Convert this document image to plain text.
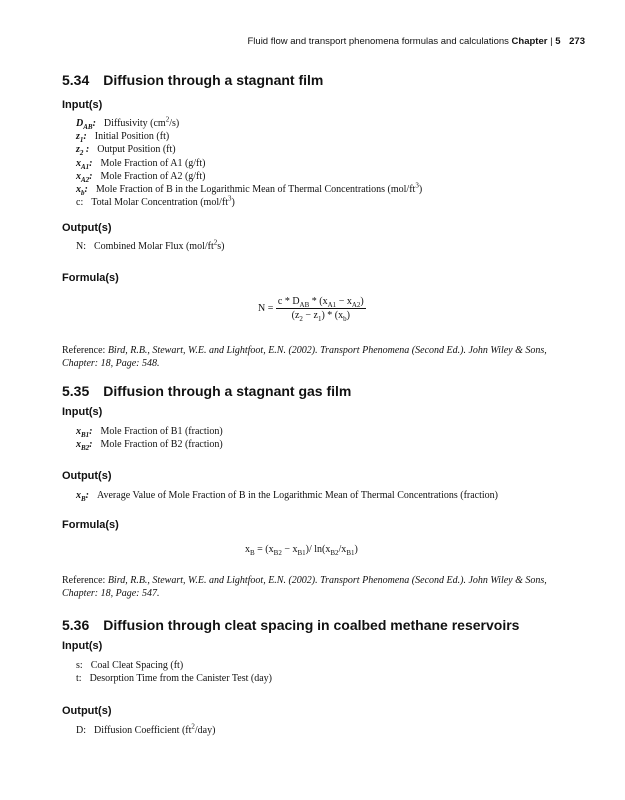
Fluid flow and transport phenomena formulas and calculations Chapter | 5 273
5.34 Diffusion through a stagnant film
Input(s)
$D_{AB}$: Diffusivity $(cm^2/s)$
$z_1$: Initial Position (ft)
$z_2$ : Output Position (ft)
$x_{A1}$: Mole Fraction of A1 (g/ft)
$x_{A2}$: Mole Fraction of A2 (g/ft)
$x_b$: Mole Fraction of B in the Logarithmic Mean of Thermal Concentrations $(mol/ft^3)$
c: Total Molar Concentration $(mol/ft^3)$
Output(s)
N: Combined Molar Flux $(mol/ft^2s)$
Formula(s)
$N = \frac{c * D_{AB} * (x_{A1} - x_{A2})}{(z_2 - z_1) * (x_b)}$
Reference: Bird, R.B., Stewart, W.E. and Lightfoot, E.N. (2002). Transport Phenomena (Second Ed.). John Wiley & Sons,
Chapter: 18, Page: 548.
5.35 Diffusion through a stagnant gas film
Input(s)
$x_{B1}$: Mole Fraction of B1 (fraction)
$x_{B2}$: Mole Fraction of B2 (fraction)
Output(s)
$x_B$: Average Value of Mole Fraction of B in the Logarithmic Mean of Thermal Concentrations (fraction)
Formula(s)
$x_B = (x_{B2} - x_{B1})/$ $\ln(x_{B2}/x_{B1})$
Reference: Bird, R.B., Stewart, W.E. and Lightfoot, E.N. (2002). Transport Phenomena (Second Ed.). John Wiley & Sons,
Chapter: 18, Page: 547.
5.36 Diffusion through cleat spacing in coalbed methane reservoirs
Input(s)
s: Coal Cleat Spacing (ft)
t: Desorption Time from the Canister Test (day)
Output(s)
D: Diffusion Coefficient $(ft^2/day)$
